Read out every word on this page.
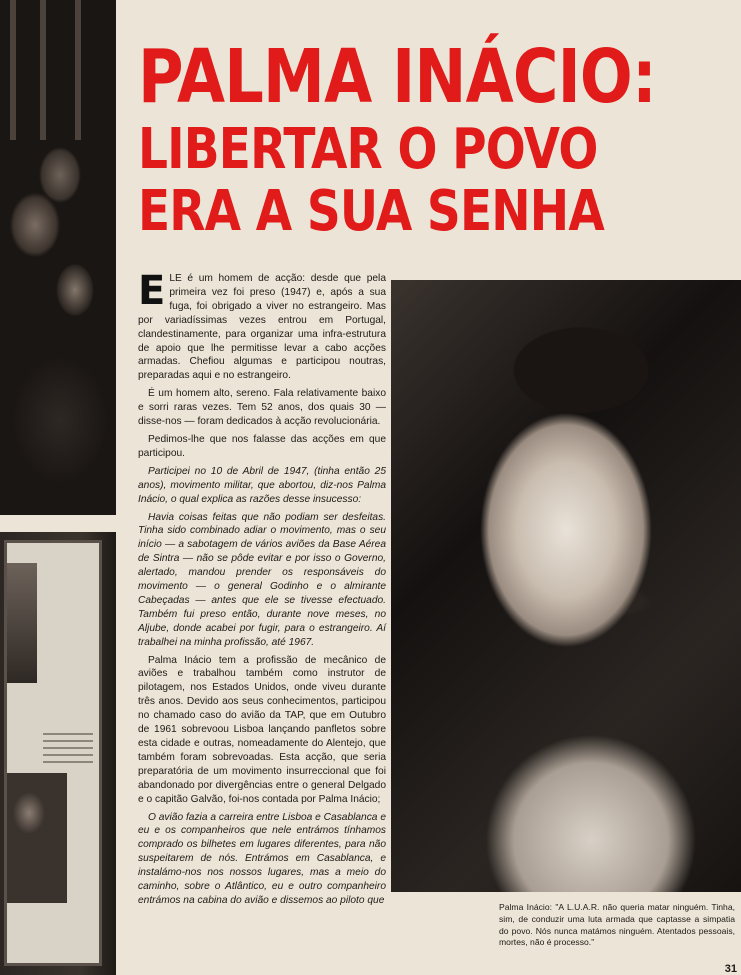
PALMA INÁCIO:
LIBERTAR O POVO
ERA A SUA SENHA

ELE é um homem de acção: desde que pela primeira vez foi preso (1947) e, após a sua fuga, foi obrigado a viver no estrangeiro. Mas por variadíssimas vezes entrou em Portugal, clandestinamente, para organizar uma infra-estrutura de apoio que lhe permitisse levar a cabo acções armadas. Chefiou algumas e participou noutras, preparadas aqui e no estrangeiro.

É um homem alto, sereno. Fala relativamente baixo e sorri raras vezes. Tem 52 anos, dos quais 30 — disse-nos — foram dedicados à acção revolucionária.

Pedimos-lhe que nos falasse das acções em que participou.

Participei no 10 de Abril de 1947, (tinha então 25 anos), movimento militar, que abortou, diz-nos Palma Inácio, o qual explica as razões desse insucesso:

Havia coisas feitas que não podiam ser desfeitas. Tinha sido combinado adiar o movimento, mas o seu início — a sabotagem de vários aviões da Base Aérea de Sintra — não se pôde evitar e por isso o Governo, alertado, mandou prender os responsáveis do movimento — o general Godinho e o almirante Cabeçadas — antes que ele se tivesse efectuado. Também fui preso então, durante nove meses, no Aljube, donde acabei por fugir, para o estrangeiro. Aí trabalhei na minha profissão, até 1967.

Palma Inácio tem a profissão de mecânico de aviões e trabalhou também como instrutor de pilotagem, nos Estados Unidos, onde viveu durante três anos. Devido aos seus conhecimentos, participou no chamado caso do avião da TAP, que em Outubro de 1961 sobrevoou Lisboa lançando panfletos sobre esta cidade e outras, nomeadamente do Alentejo, que também foram sobrevoadas. Esta acção, que seria preparatória de um movimento insurreccional que foi abandonado por divergências entre o general Delgado e o capitão Galvão, foi-nos contada por Palma Inácio;

O avião fazia a carreira entre Lisboa e Casablanca e eu e os companheiros que nele entrámos tínhamos comprado os bilhetes em lugares diferentes, para não suspeitarem de nós. Entrámos em Casablanca, e instalámo-nos nos nossos lugares, mas a meio do caminho, sobre o Atlântico, eu e outro companheiro entrámos na cabina do avião e dissemos ao piloto que

Palma Inácio: "A L.U.A.R. não queria matar ninguém. Tinha, sim, de conduzir uma luta armada que captasse a simpatia do povo. Nós nunca matámos ninguém. Atentados pessoais, mortes, não é processo."
31
